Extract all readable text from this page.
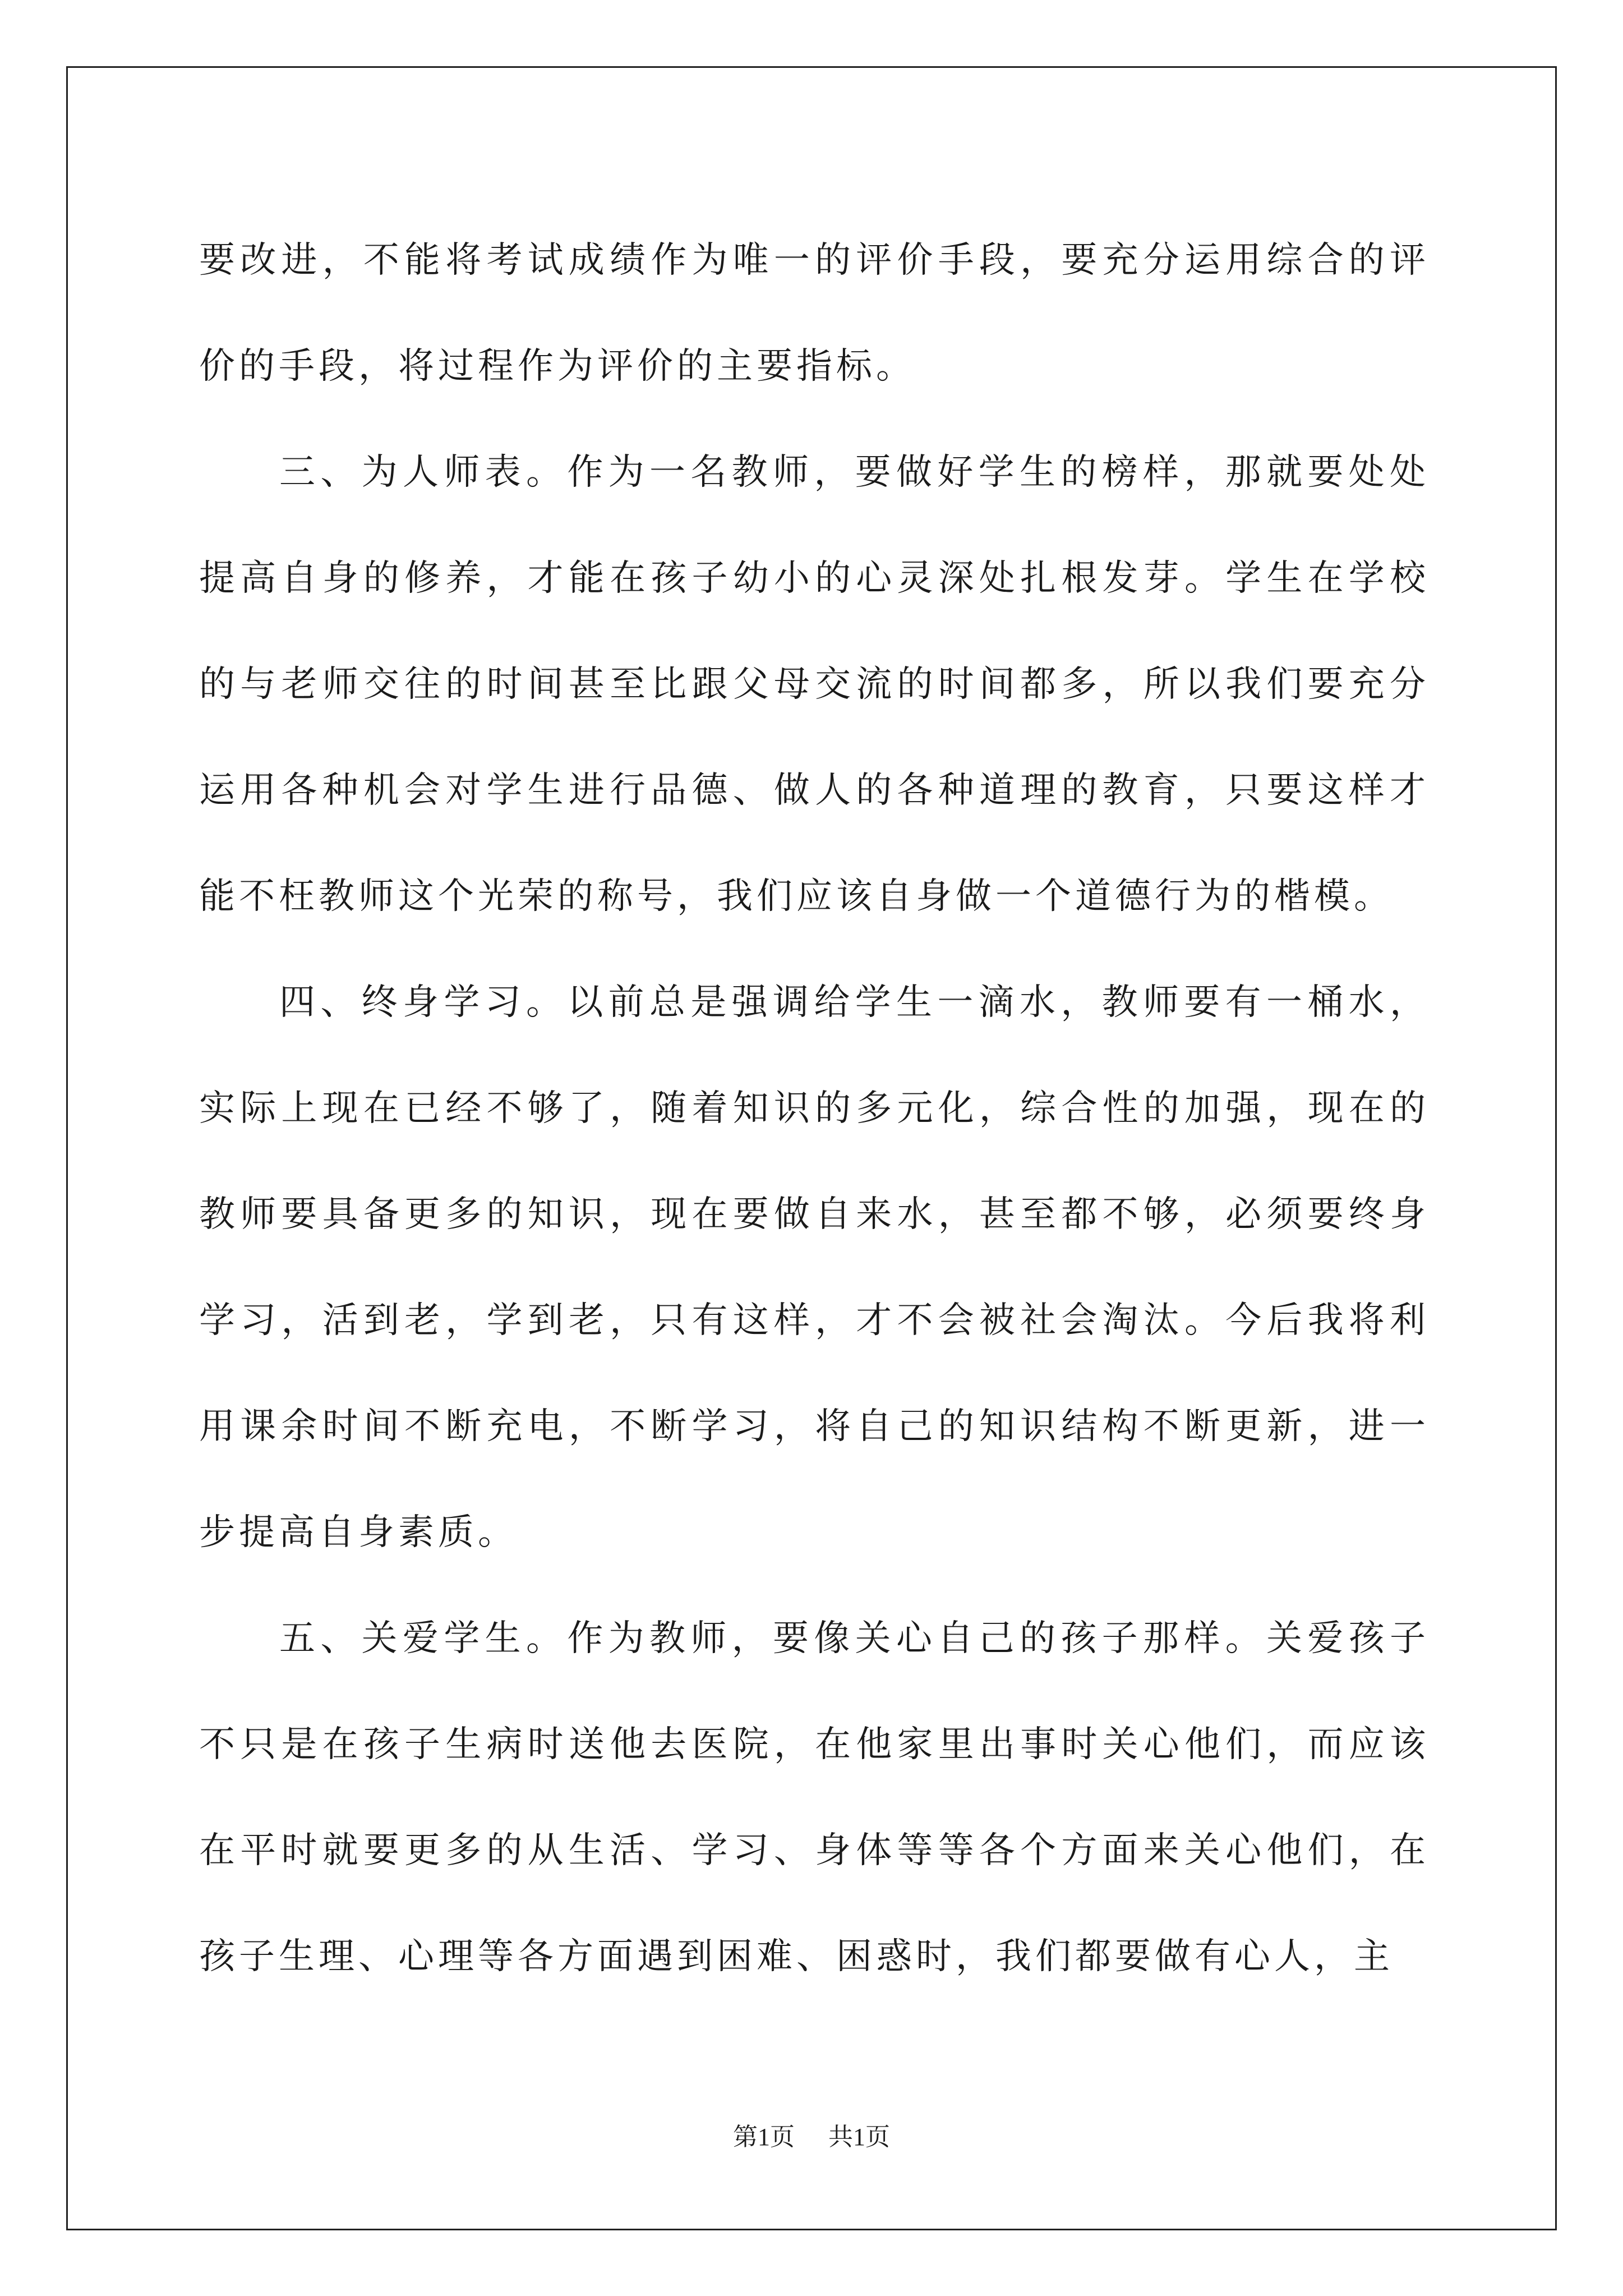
要改进，不能将考试成绩作为唯一的评价手段，要充分运用综合的评价的手段，将过程作为评价的主要指标。

三、为人师表。作为一名教师，要做好学生的榜样，那就要处处提高自身的修养，才能在孩子幼小的心灵深处扎根发芽。学生在学校的与老师交往的时间甚至比跟父母交流的时间都多，所以我们要充分运用各种机会对学生进行品德、做人的各种道理的教育，只要这样才能不枉教师这个光荣的称号，我们应该自身做一个道德行为的楷模。

四、终身学习。以前总是强调给学生一滴水，教师要有一桶水，实际上现在已经不够了，随着知识的多元化，综合性的加强，现在的教师要具备更多的知识，现在要做自来水，甚至都不够，必须要终身学习，活到老，学到老，只有这样，才不会被社会淘汰。今后我将利用课余时间不断充电，不断学习，将自己的知识结构不断更新，进一步提高自身素质。

五、关爱学生。作为教师，要像关心自己的孩子那样。关爱孩子不只是在孩子生病时送他去医院，在他家里出事时关心他们，而应该在平时就要更多的从生活、学习、身体等等各个方面来关心他们，在孩子生理、心理等各方面遇到困难、困惑时，我们都要做有心人，主

第1页 共1页
